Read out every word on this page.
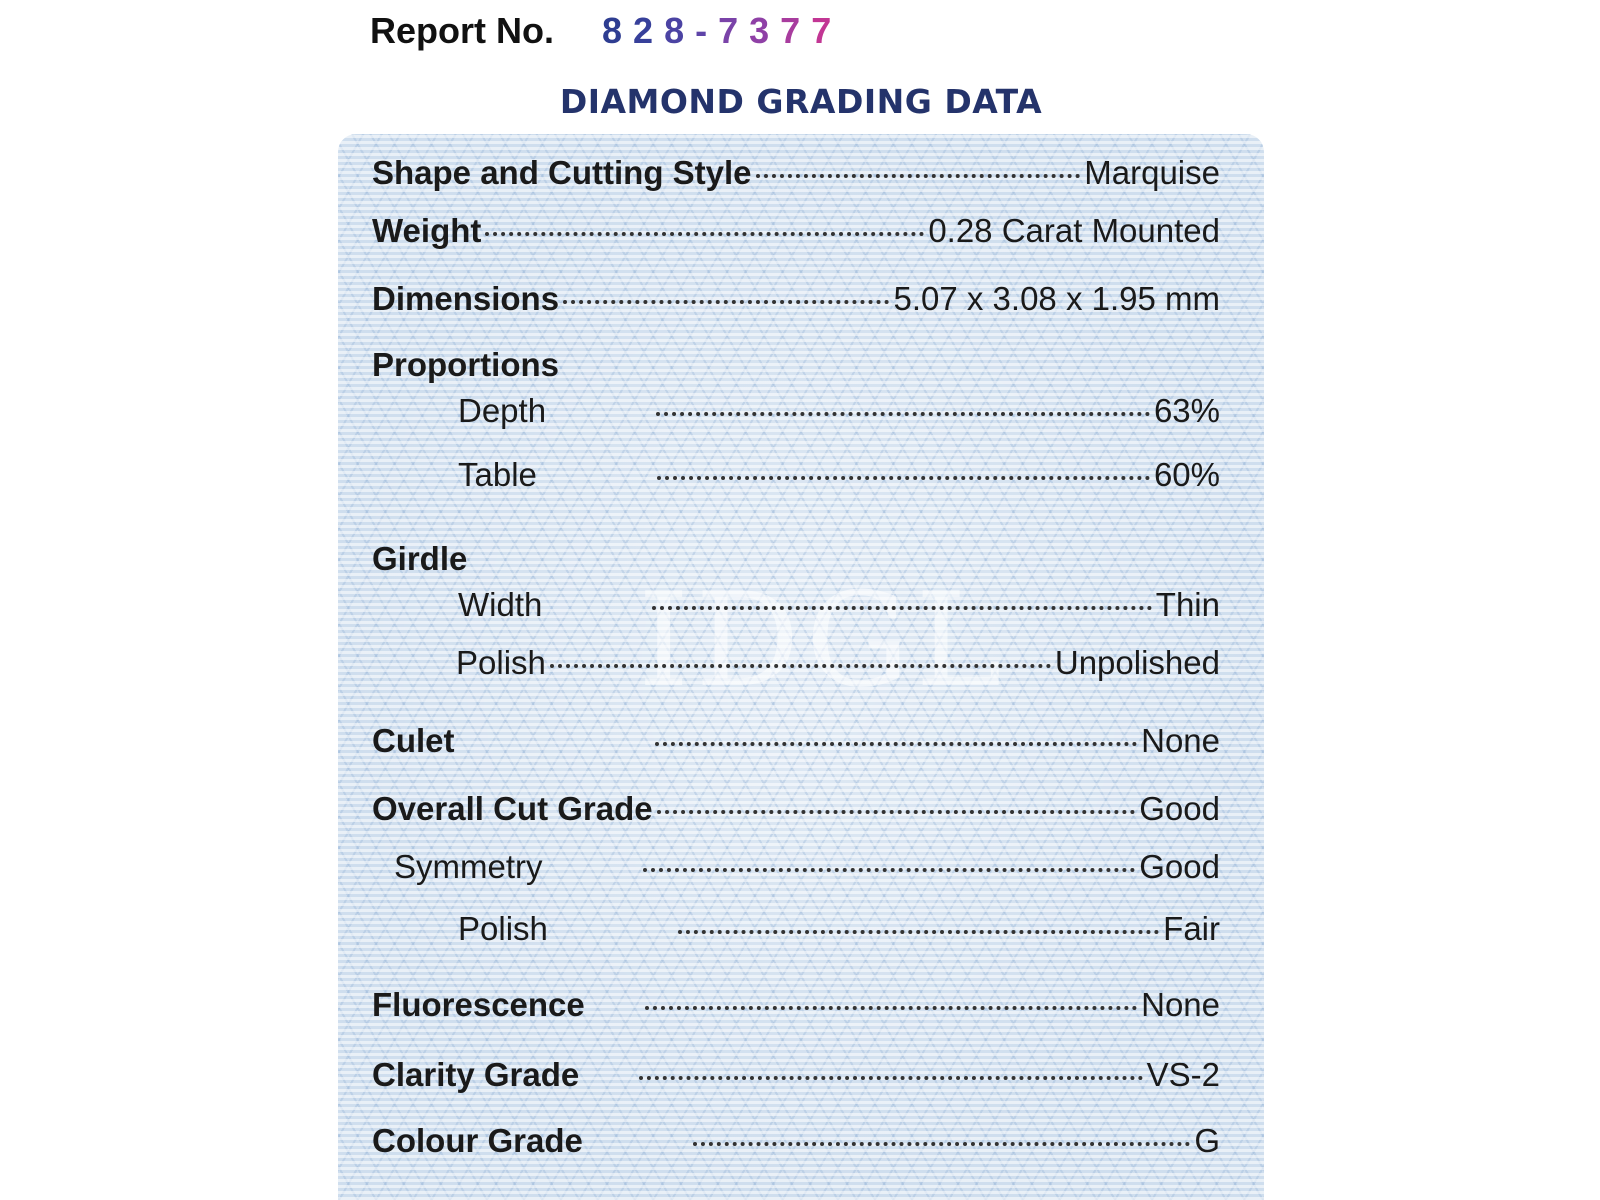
Report No. 828-7377
DIAMOND GRADING DATA
IDGL
Shape and Cutting Style	Marquise
Weight	0.28 Carat Mounted
Dimensions	5.07 x 3.08 x 1.95 mm
Proportions
Depth	63%
Table	60%
Girdle
Width	Thin
Polish	Unpolished
Culet	None
Overall Cut Grade	Good
Symmetry	Good
Polish	Fair
Fluorescence	None
Clarity Grade	VS-2
Colour Grade	G
